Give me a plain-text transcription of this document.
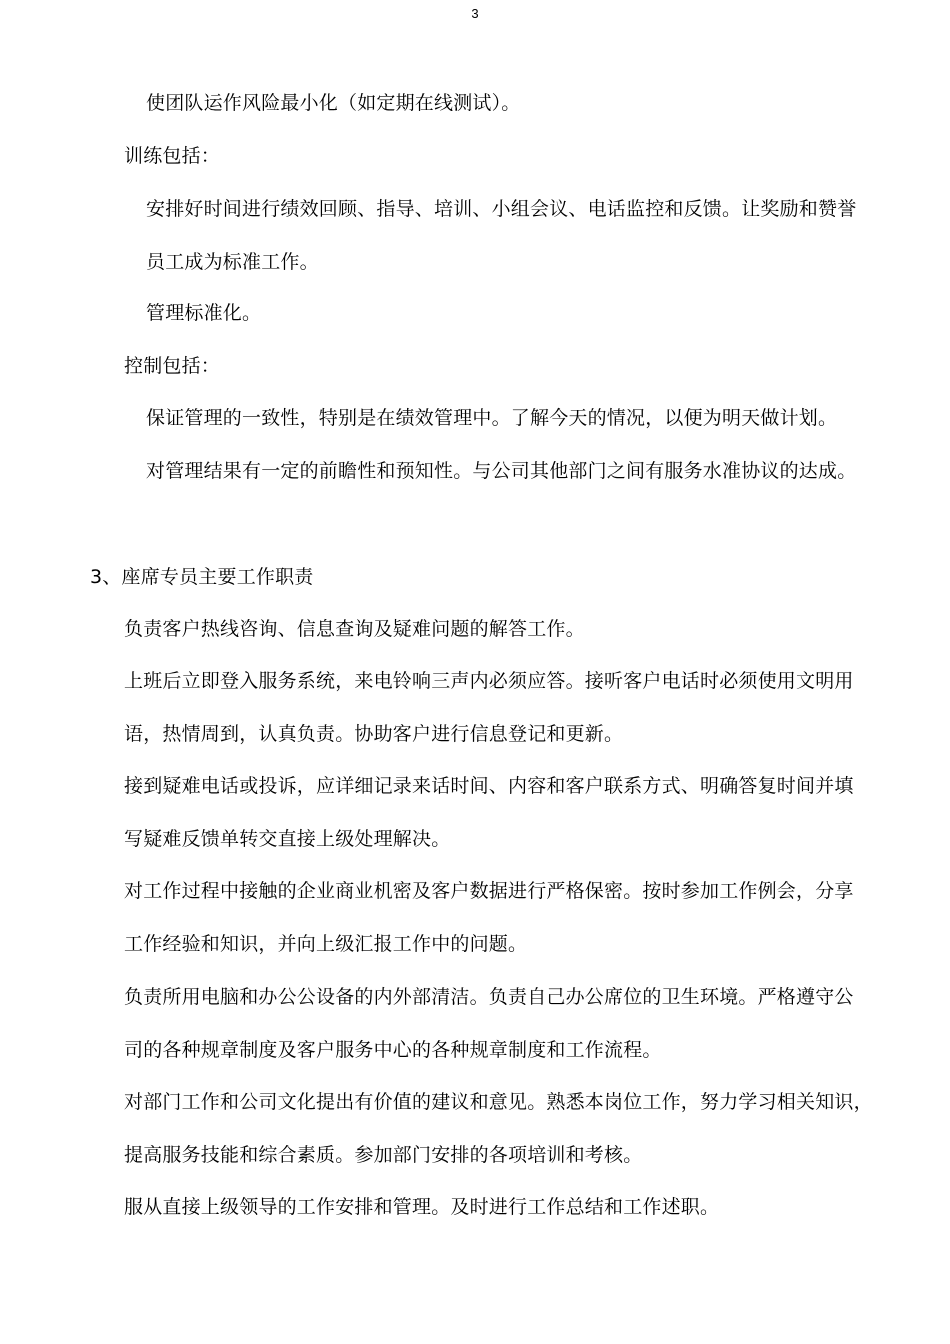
3
使团队运作风险最小化（如定期在线测试）。
训练包括：
安排好时间进行绩效回顾、指导、培训、小组会议、电话监控和反馈。让奖励和赞誉
员工成为标准工作。
管理标准化。
控制包括：
保证管理的一致性，特别是在绩效管理中。了解今天的情况，以便为明天做计划。
对管理结果有一定的前瞻性和预知性。与公司其他部门之间有服务水准协议的达成。
3、座席专员主要工作职责
负责客户热线咨询、信息查询及疑难问题的解答工作。
上班后立即登入服务系统，来电铃响三声内必须应答。接听客户电话时必须使用文明用
语，热情周到，认真负责。协助客户进行信息登记和更新。
接到疑难电话或投诉，应详细记录来话时间、内容和客户联系方式、明确答复时间并填
写疑难反馈单转交直接上级处理解决。
对工作过程中接触的企业商业机密及客户数据进行严格保密。按时参加工作例会，分享
工作经验和知识，并向上级汇报工作中的问题。
负责所用电脑和办公公设备的内外部清洁。负责自己办公席位的卫生环境。严格遵守公
司的各种规章制度及客户服务中心的各种规章制度和工作流程。
对部门工作和公司文化提出有价值的建议和意见。熟悉本岗位工作，努力学习相关知识，
提高服务技能和综合素质。参加部门安排的各项培训和考核。
服从直接上级领导的工作安排和管理。及时进行工作总结和工作述职。
